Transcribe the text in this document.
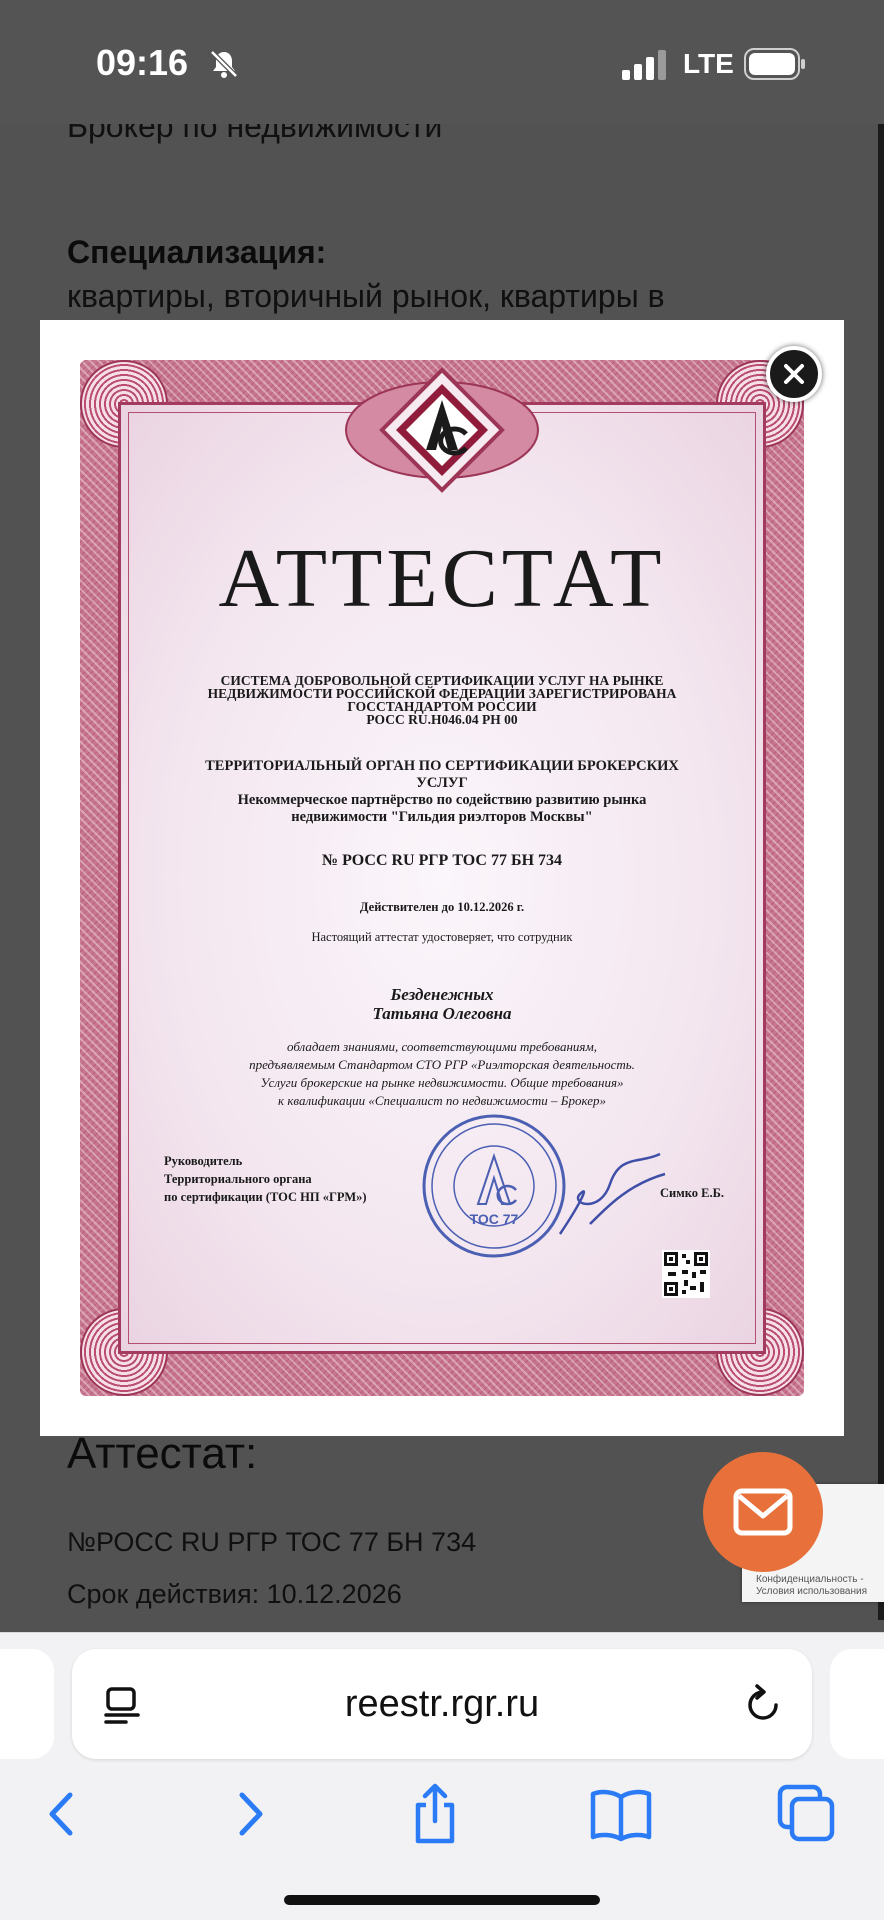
09:16	LTE
АТТЕСТАТ
СИСТЕМА ДОБРОВОЛЬНОЙ СЕРТИФИКАЦИИ УСЛУГ НА РЫНКЕ
НЕДВИЖИМОСТИ РОССИЙСКОЙ ФЕДЕРАЦИИ ЗАРЕГИСТРИРОВАНА
ГОССТАНДАРТОМ РОССИИ
РОСС RU.Н046.04 РН 00
ТЕРРИТОРИАЛЬНЫЙ ОРГАН ПО СЕРТИФИКАЦИИ БРОКЕРСКИХ
УСЛУГ
Некоммерческое партнёрство по содействию развитию рынка
недвижимости "Гильдия риэлторов Москвы"
№ РОСС RU РГР ТОС 77 БН 734
Действителен до 10.12.2026 г.
Настоящий аттестат удостоверяет, что сотрудник
Безденежных
Татьяна Олеговна
обладает знаниями, соответствующими требованиям,
предъявляемым Стандартом СТО РГР «Риэлторская деятельность.
Услуги брокерские на рынке недвижимости. Общие требования»
к квалификации «Специалист по недвижимости – Брокер»
Руководитель
Территориального органа
по сертификации (ТОС НП «ГРМ»)
ТОС 77
Симко Е.Б.
Конфиденциальность - Условия использования
reestr.rgr.ru
